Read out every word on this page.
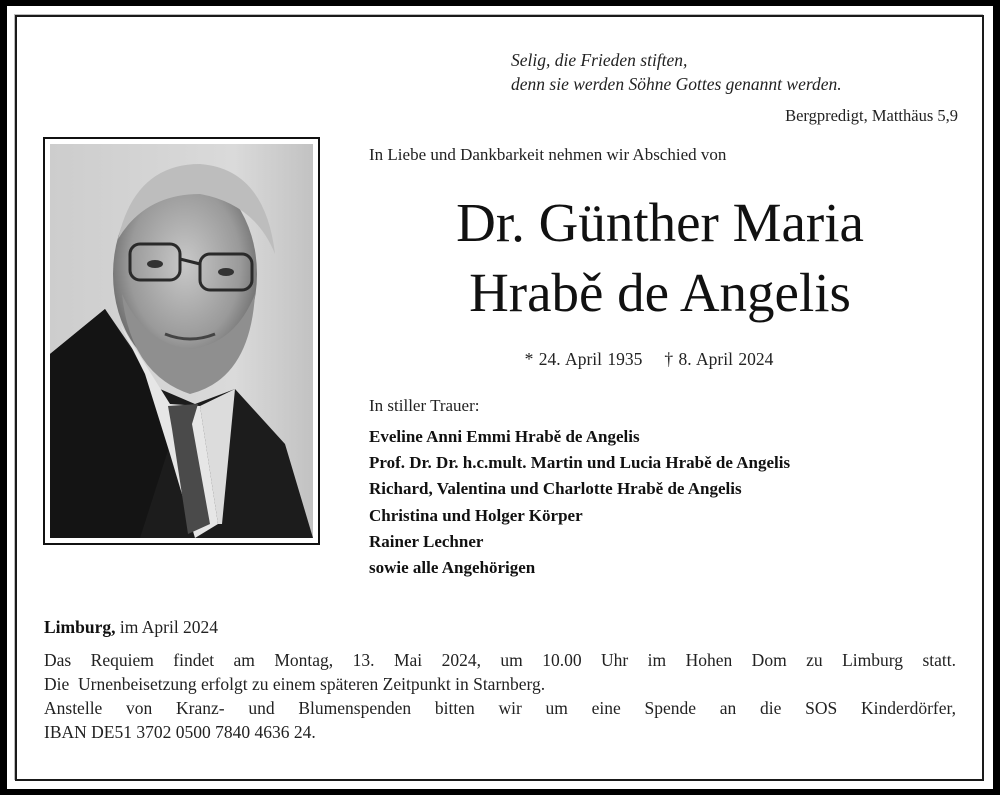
Selig, die Frieden stiften,
denn sie werden Söhne Gottes genannt werden.
Bergpredigt, Matthäus 5,9
In Liebe und Dankbarkeit nehmen wir Abschied von
Dr. Günther Maria
Hrabě de Angelis
* 24. April 1935 † 8. April 2024
In stiller Trauer:
Eveline Anni Emmi Hrabě de Angelis
Prof. Dr. Dr. h.c.mult. Martin und Lucia Hrabě de Angelis
Richard, Valentina und Charlotte Hrabě de Angelis
Christina und Holger Körper
Rainer Lechner
sowie alle Angehörigen
Limburg, im April 2024

Das Requiem findet am Montag, 13. Mai 2024, um 10.00 Uhr im Hohen Dom zu Limburg statt.

Die  Urnenbeisetzung erfolgt zu einem späteren Zeitpunkt in Starnberg.

Anstelle von Kranz- und Blumenspenden bitten wir um eine Spende an die SOS Kinderdörfer,

IBAN DE51 3702 0500 7840 4636 24.
